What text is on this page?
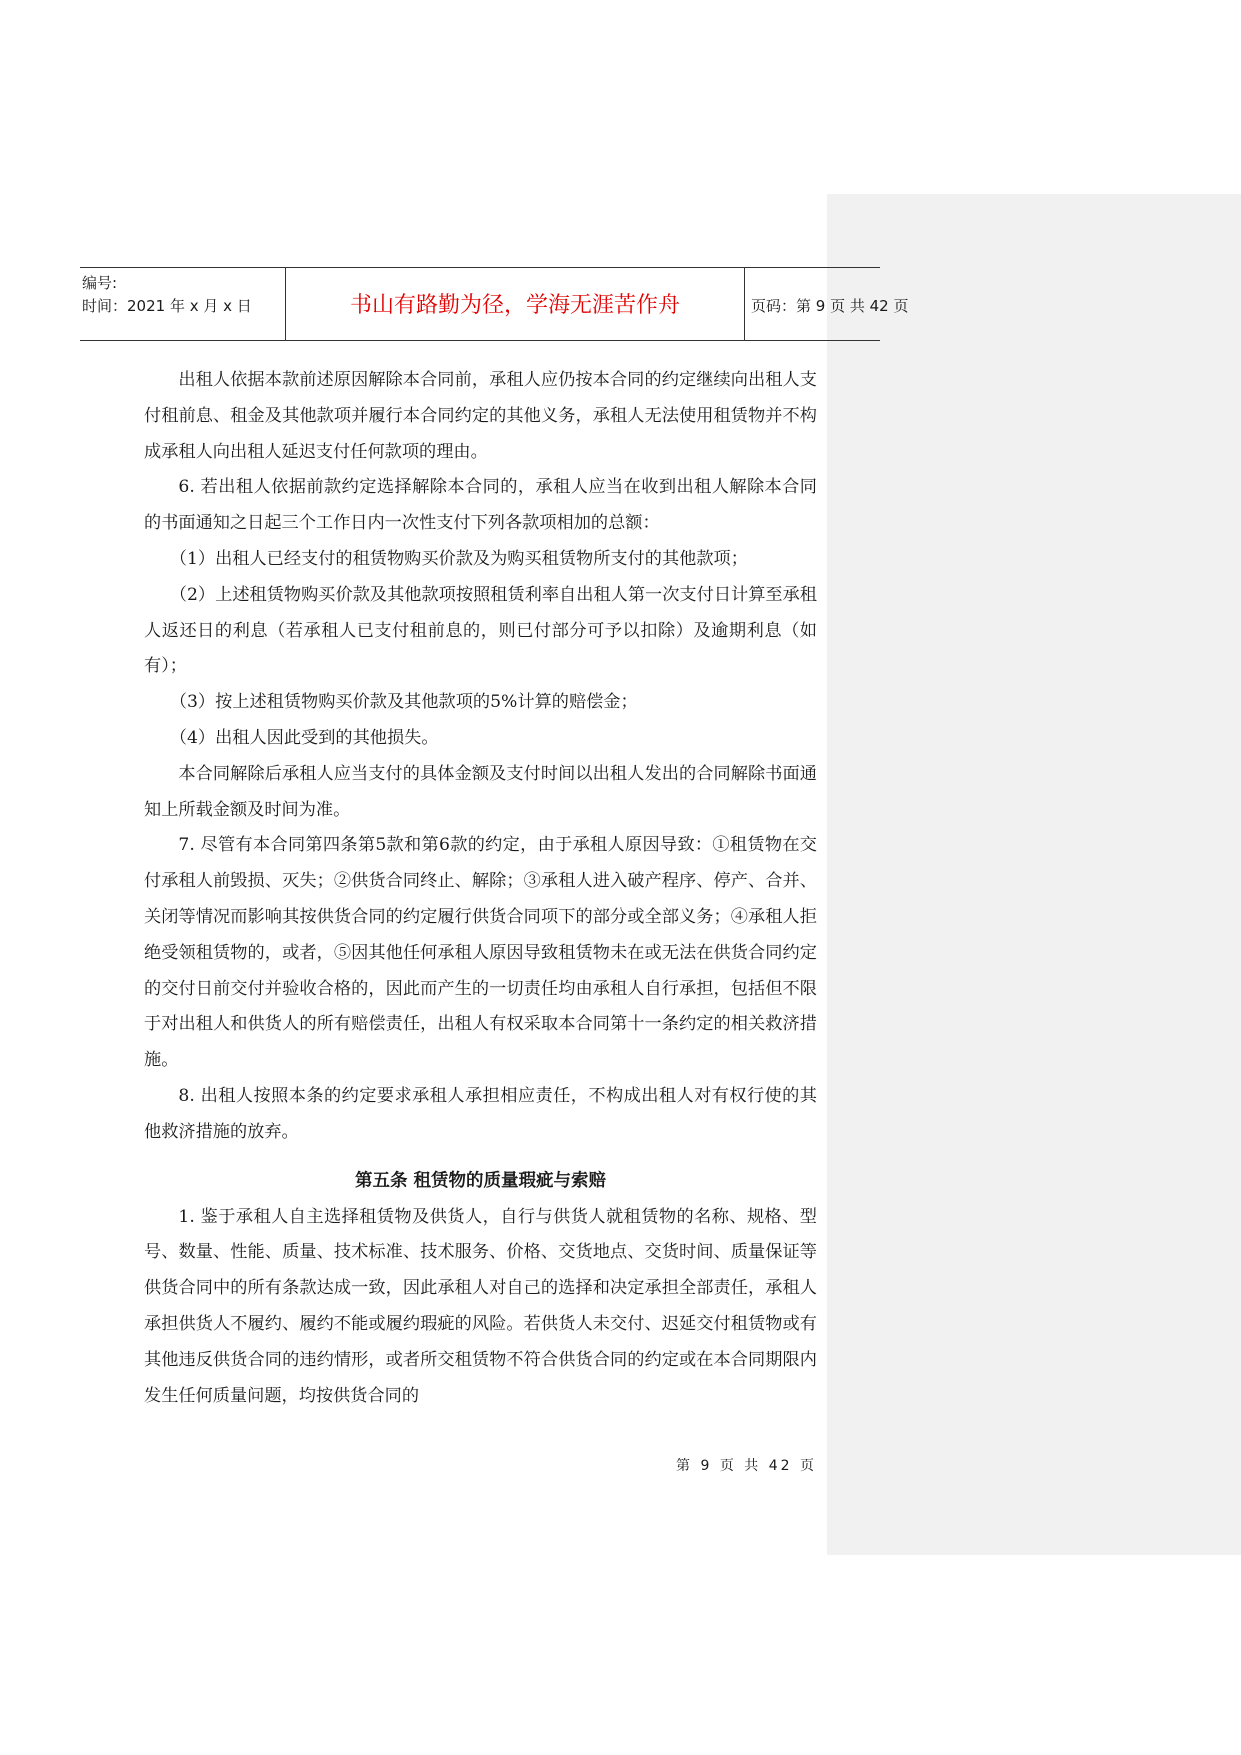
编号:
时间：2021 年 x 月 x 日	书山有路勤为径，学海无涯苦作舟	页码：第 9 页 共 42 页

出租人依据本款前述原因解除本合同前，承租人应仍按本合同的约定继续向出租人支付租前息、租金及其他款项并履行本合同约定的其他义务，承租人无法使用租赁物并不构成承租人向出租人延迟支付任何款项的理由。

6. 若出租人依据前款约定选择解除本合同的，承租人应当在收到出租人解除本合同的书面通知之日起三个工作日内一次性支付下列各款项相加的总额：

（1）出租人已经支付的租赁物购买价款及为购买租赁物所支付的其他款项；

（2）上述租赁物购买价款及其他款项按照租赁利率自出租人第一次支付日计算至承租人返还日的利息（若承租人已支付租前息的，则已付部分可予以扣除）及逾期利息（如有）；

（3）按上述租赁物购买价款及其他款项的5%计算的赔偿金；

（4）出租人因此受到的其他损失。

本合同解除后承租人应当支付的具体金额及支付时间以出租人发出的合同解除书面通知上所载金额及时间为准。

7. 尽管有本合同第四条第5款和第6款的约定，由于承租人原因导致：①租赁物在交付承租人前毁损、灭失；②供货合同终止、解除；③承租人进入破产程序、停产、合并、关闭等情况而影响其按供货合同的约定履行供货合同项下的部分或全部义务；④承租人拒绝受领租赁物的，或者，⑤因其他任何承租人原因导致租赁物未在或无法在供货合同约定的交付日前交付并验收合格的，因此而产生的一切责任均由承租人自行承担，包括但不限于对出租人和供货人的所有赔偿责任，出租人有权采取本合同第十一条约定的相关救济措施。

8. 出租人按照本条的约定要求承租人承担相应责任，不构成出租人对有权行使的其他救济措施的放弃。

第五条 租赁物的质量瑕疵与索赔

1. 鉴于承租人自主选择租赁物及供货人，自行与供货人就租赁物的名称、规格、型号、数量、性能、质量、技术标准、技术服务、价格、交货地点、交货时间、质量保证等供货合同中的所有条款达成一致，因此承租人对自己的选择和决定承担全部责任，承租人承担供货人不履约、履约不能或履约瑕疵的风险。若供货人未交付、迟延交付租赁物或有其他违反供货合同的违约情形，或者所交租赁物不符合供货合同的约定或在本合同期限内发生任何质量问题，均按供货合同的

第 9 页 共 42 页
